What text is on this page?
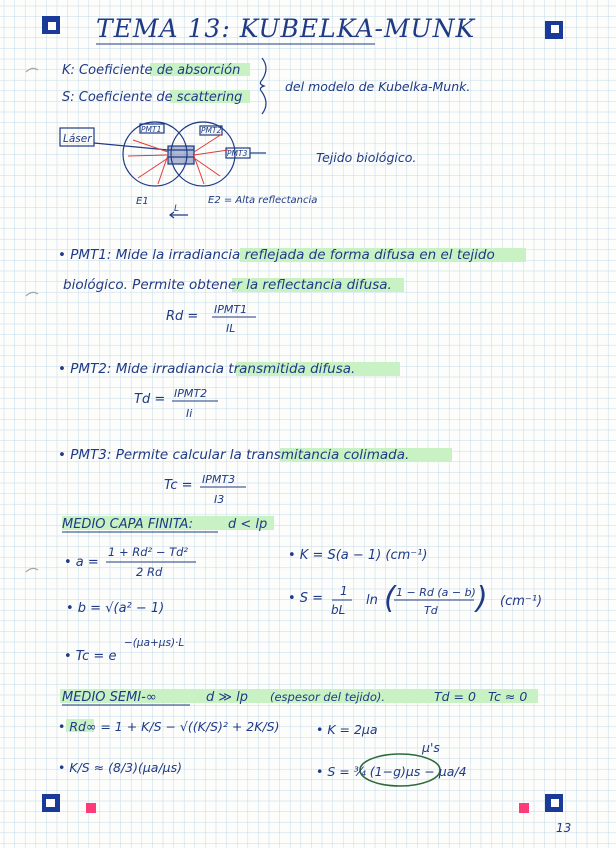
TEMA 13: KUBELKA-MUNK
K: Coeficiente de absorción
S: Coeficiente de scattering
del modelo de Kubelka-Munk.
Láser
PMT1	PMT2
PMT3	Tejido biológico.
E1	E2 = Alta reflectancia
L
• PMT1: Mide la irradiancia reflejada de forma difusa en el tejido
biológico. Permite obtener la reflectancia difusa.
Rd = IPMT1
IL
• PMT2: Mide irradiancia transmitida difusa.
Td = IPMT2
Ii
• PMT3: Permite calcular la transmitancia colimada.
Tc = IPMT3
I3
MEDIO CAPA FINITA:	d < lp
• a =
1 + Rd² − Td²
2 Rd
• K = S(a − 1) (cm⁻¹)
• b = √(a² − 1)
• S = 1
bL
ln ( 1 − Rd (a − b)
Td ) (cm⁻¹)
• Tc = e
−(μa+μs)·L
MEDIO SEMI-∞	d ≫ lp (espesor del tejido).	Td = 0 Tc ≈ 0
• Rd∞ = 1 + K/S − √((K/S)² + 2K/S)	• K = 2μa
• K/S ≈ (8/3)(μa/μs)
μ's
• S = ¾ (1−g)μs − μa/4
13
